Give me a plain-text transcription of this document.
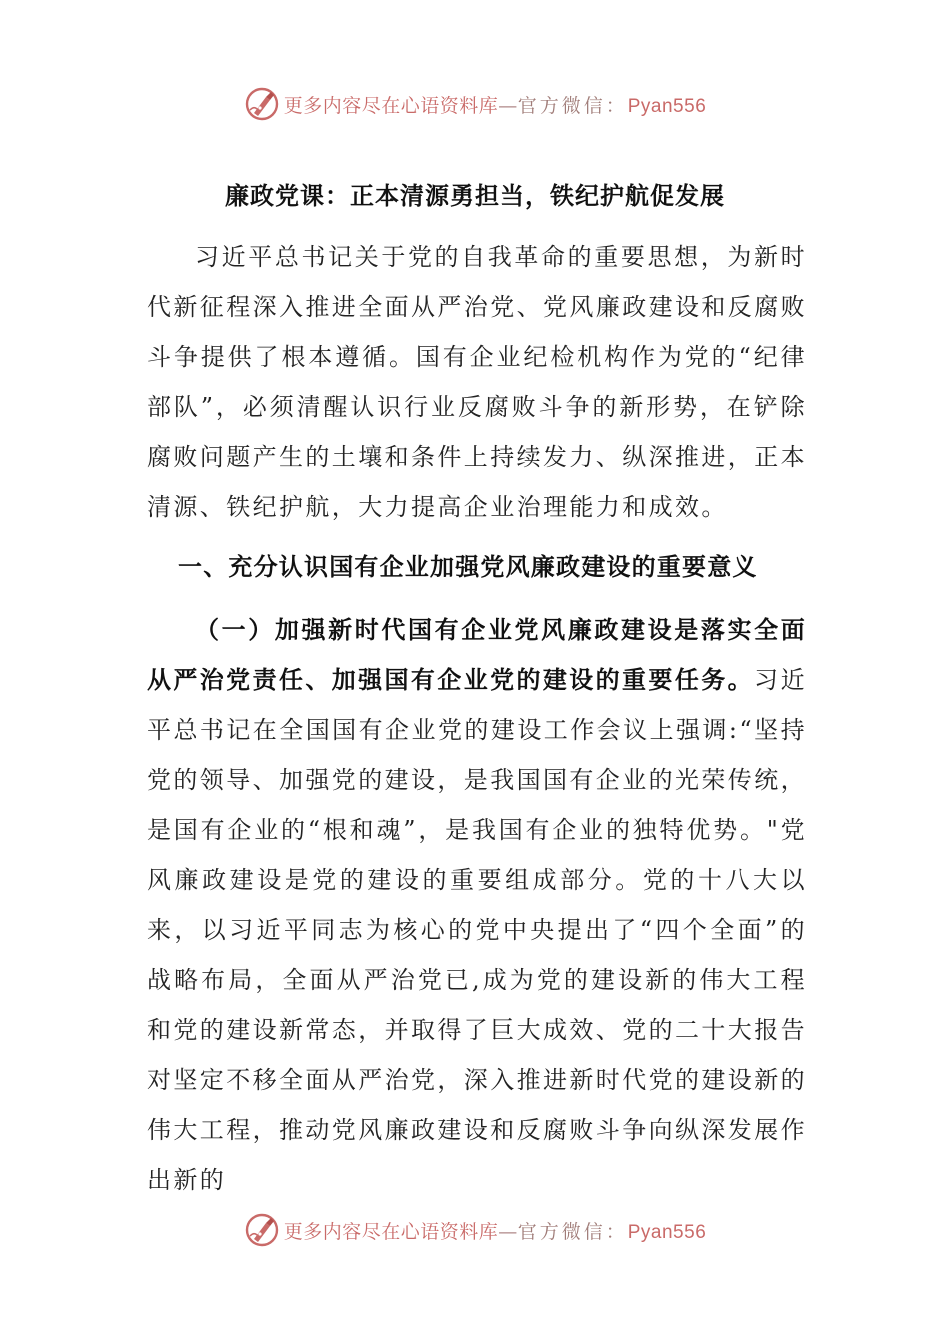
更多内容尽在心语资料库—官方微信：Pyan556
廉政党课：正本清源勇担当，铁纪护航促发展

习近平总书记关于党的自我革命的重要思想，为新时代新征程深入推进全面从严治党、党风廉政建设和反腐败斗争提供了根本遵循。国有企业纪检机构作为党的“纪律部队”，必须清醒认识行业反腐败斗争的新形势，在铲除腐败问题产生的土壤和条件上持续发力、纵深推进，正本清源、铁纪护航，大力提高企业治理能力和成效。

一、充分认识国有企业加强党风廉政建设的重要意义

（一）加强新时代国有企业党风廉政建设是落实全面从严治党责任、加强国有企业党的建设的重要任务。习近平总书记在全国国有企业党的建设工作会议上强调:“坚持党的领导、加强党的建设，是我国国有企业的光荣传统，是国有企业的“根和魂”，是我国有企业的独特优势。"党风廉政建设是党的建设的重要组成部分。党的十八大以来，以习近平同志为核心的党中央提出了“四个全面”的战略布局，全面从严治党已,成为党的建设新的伟大工程和党的建设新常态，并取得了巨大成效、党的二十大报告对坚定不移全面从严治党，深入推进新时代党的建设新的伟大工程，推动党风廉政建设和反腐败斗争向纵深发展作出新的

更多内容尽在心语资料库—官方微信：Pyan556
